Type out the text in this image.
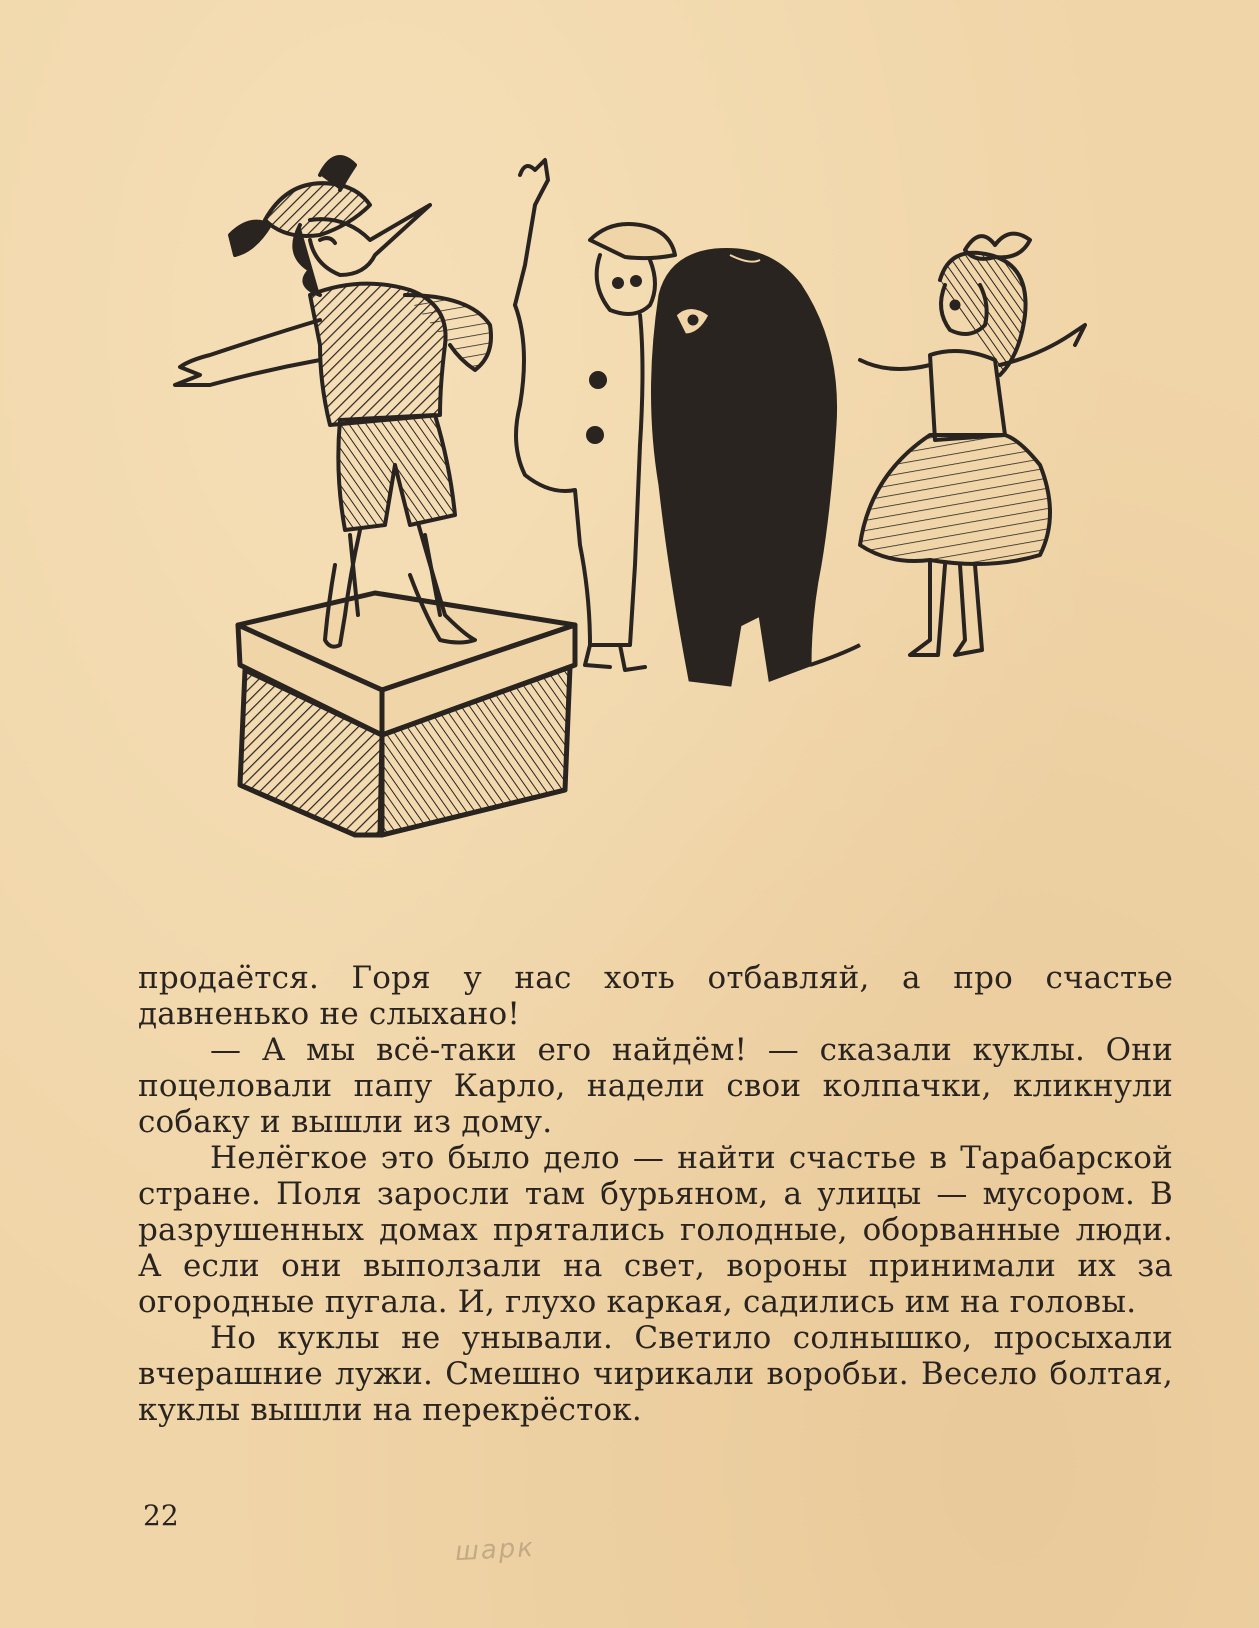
продаётся. Горя у нас хоть отбавляй, а про счастье давненько не слыхано!

— А мы всё-таки его найдём! — сказали куклы. Они поцеловали папу Карло, надели свои колпачки, кликнули собаку и вышли из дому.

Нелёгкое это было дело — найти счастье в Тарабарской стране. Поля заросли там бурьяном, а улицы — мусором. В разрушенных домах прятались голодные, оборванные люди. А если они выползали на свет, вороны принимали их за огородные пугала. И, глухо каркая, садились им на головы.

Но куклы не унывали. Светило солнышко, просыхали вчерашние лужи. Смешно чирикали воробьи. Весело болтая, куклы вышли на перекрёсток.

22
шарк
